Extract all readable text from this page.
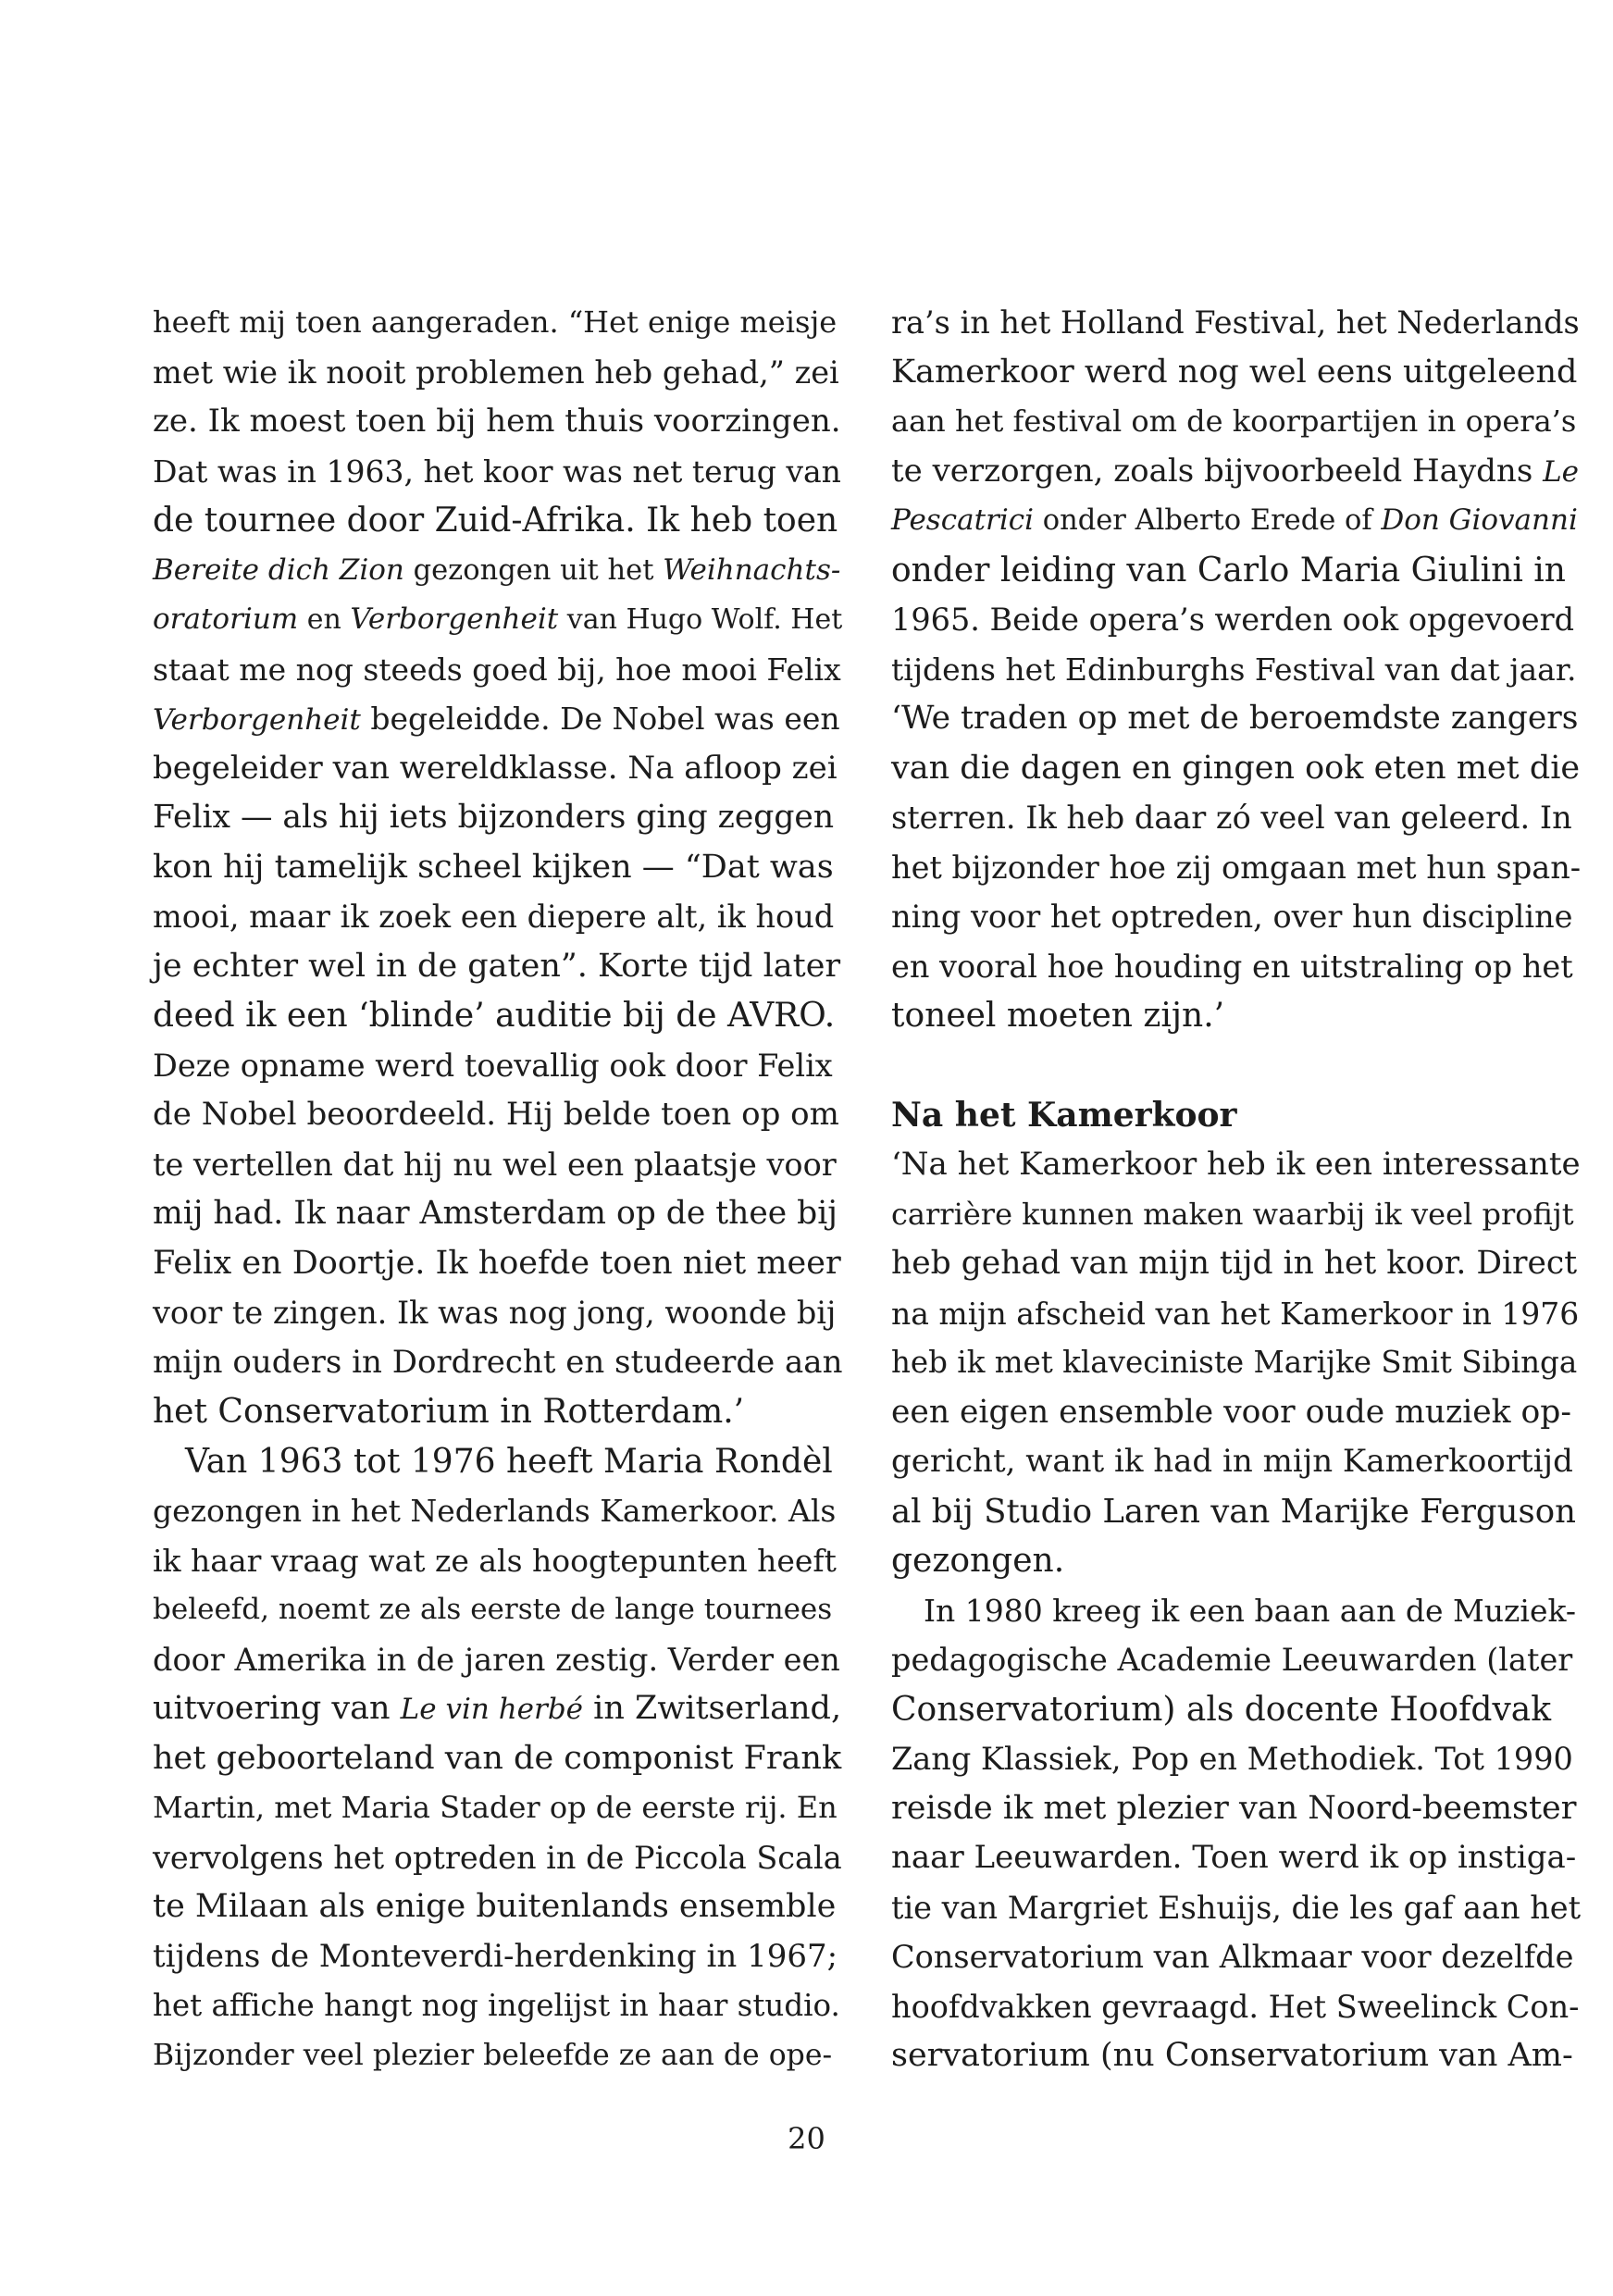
heeft mij toen aangeraden. “Het enige meisje
met wie ik nooit problemen heb gehad,” zei
ze. Ik moest toen bij hem thuis voorzingen.
Dat was in 1963, het koor was net terug van
de tournee door Zuid-Afrika. Ik heb toen
Bereite dich Zion gezongen uit het Weihnachts-
oratorium en Verborgenheit van Hugo Wolf. Het
staat me nog steeds goed bij, hoe mooi Felix
Verborgenheit begeleidde. De Nobel was een
begeleider van wereldklasse. Na afloop zei
Felix — als hij iets bijzonders ging zeggen
kon hij tamelijk scheel kijken — “Dat was
mooi, maar ik zoek een diepere alt, ik houd
je echter wel in de gaten”. Korte tijd later
deed ik een ‘blinde’ auditie bij de AVRO.
Deze opname werd toevallig ook door Felix
de Nobel beoordeeld. Hij belde toen op om
te vertellen dat hij nu wel een plaatsje voor
mij had. Ik naar Amsterdam op de thee bij
Felix en Doortje. Ik hoefde toen niet meer
voor te zingen. Ik was nog jong, woonde bij
mijn ouders in Dordrecht en studeerde aan
het Conservatorium in Rotterdam.’
Van 1963 tot 1976 heeft Maria Rondèl
gezongen in het Nederlands Kamerkoor. Als
ik haar vraag wat ze als hoogtepunten heeft
beleefd, noemt ze als eerste de lange tournees
door Amerika in de jaren zestig. Verder een
uitvoering van Le vin herbé in Zwitserland,
het geboorteland van de componist Frank
Martin, met Maria Stader op de eerste rij. En
vervolgens het optreden in de Piccola Scala
te Milaan als enige buitenlands ensemble
tijdens de Monteverdi-herdenking in 1967;
het affiche hangt nog ingelijst in haar studio.
Bijzonder veel plezier beleefde ze aan de ope-
ra’s in het Holland Festival, het Nederlands
Kamerkoor werd nog wel eens uitgeleend
aan het festival om de koorpartijen in opera’s
te verzorgen, zoals bijvoorbeeld Haydns Le
Pescatrici onder Alberto Erede of Don Giovanni
onder leiding van Carlo Maria Giulini in
1965. Beide opera’s werden ook opgevoerd
tijdens het Edinburghs Festival van dat jaar.
‘We traden op met de beroemdste zangers
van die dagen en gingen ook eten met die
sterren. Ik heb daar zó veel van geleerd. In
het bijzonder hoe zij omgaan met hun span-
ning voor het optreden, over hun discipline
en vooral hoe houding en uitstraling op het
toneel moeten zijn.’
Na het Kamerkoor
‘Na het Kamerkoor heb ik een interessante
carrière kunnen maken waarbij ik veel profijt
heb gehad van mijn tijd in het koor. Direct
na mijn afscheid van het Kamerkoor in 1976
heb ik met klaveciniste Marijke Smit Sibinga
een eigen ensemble voor oude muziek op-
gericht, want ik had in mijn Kamerkoortijd
al bij Studio Laren van Marijke Ferguson
gezongen.
In 1980 kreeg ik een baan aan de Muziek-
pedagogische Academie Leeuwarden (later
Conservatorium) als docente Hoofdvak
Zang Klassiek, Pop en Methodiek. Tot 1990
reisde ik met plezier van Noord-beemster
naar Leeuwarden. Toen werd ik op instiga-
tie van Margriet Eshuijs, die les gaf aan het
Conservatorium van Alkmaar voor dezelfde
hoofdvakken gevraagd. Het Sweelinck Con-
servatorium (nu Conservatorium van Am-
20
